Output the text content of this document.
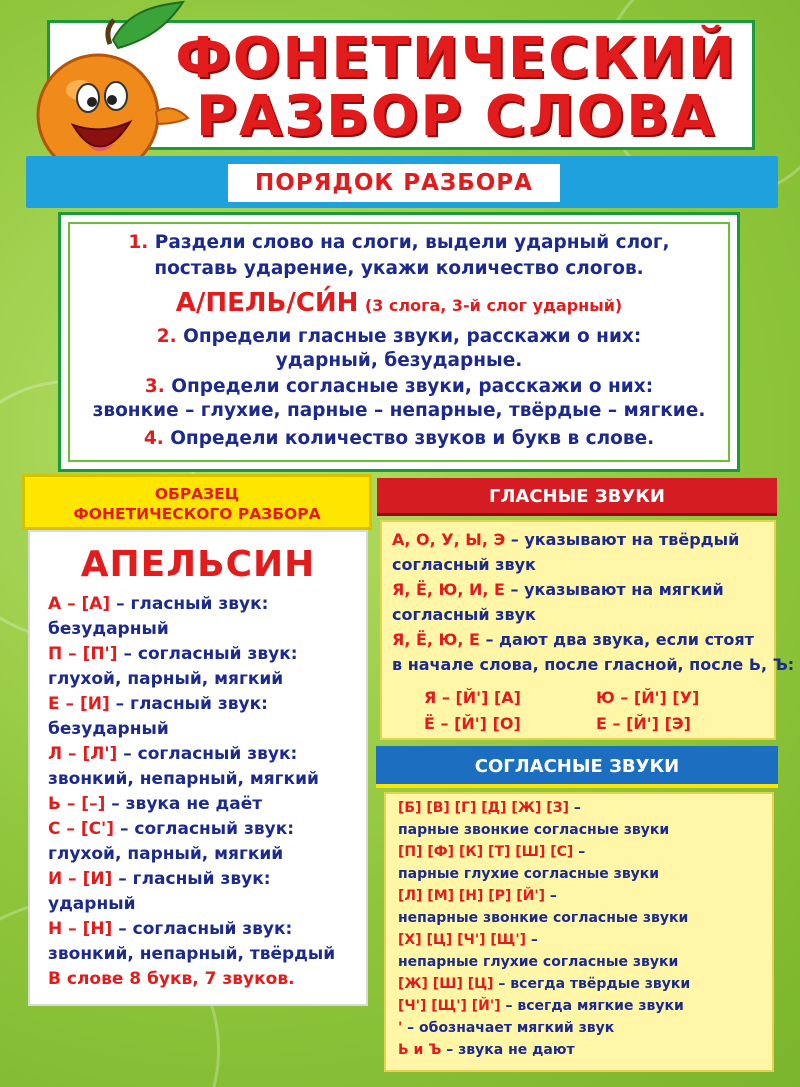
ФОНЕТИЧЕСКИЙ
РАЗБОР СЛОВА
ПОРЯДОК РАЗБОРА
1. Раздели слово на слоги, выдели ударный слог,
поставь ударение, укажи количество слогов.
А/ПЕЛЬ/СИ́Н (3 слога, 3-й слог ударный)
2. Определи гласные звуки, расскажи о них:
ударный, безударные.
3. Определи согласные звуки, расскажи о них:
звонкие – глухие, парные – непарные, твёрдые – мягкие.
4. Определи количество звуков и букв в слове.
ОБРАЗЕЦ
ФОНЕТИЧЕСКОГО РАЗБОРА
АПЕЛЬСИН
А – [А] – гласный звук:
безударный
П – [П'] – согласный звук:
глухой, парный, мягкий
Е – [И] – гласный звук:
безударный
Л – [Л'] – согласный звук:
звонкий, непарный, мягкий
Ь – [–] – звука не даёт
С – [С'] – согласный звук:
глухой, парный, мягкий
И – [И] – гласный звук:
ударный
Н – [Н] – согласный звук:
звонкий, непарный, твёрдый
В слове 8 букв, 7 звуков.
ГЛАСНЫЕ ЗВУКИ
А, О, У, Ы, Э – указывают на твёрдый
согласный звук
Я, Ё, Ю, И, Е – указывают на мягкий
согласный звук
Я, Ё, Ю, Е – дают два звука, если стоят
в начале слова, после гласной, после Ь, Ъ:
Я – [Й'] [А]	Ю – [Й'] [У]
Ё – [Й'] [О]	Е – [Й'] [Э]
СОГЛАСНЫЕ ЗВУКИ
[Б] [В] [Г] [Д] [Ж] [З] –
парные звонкие согласные звуки
[П] [Ф] [К] [Т] [Ш] [С] –
парные глухие согласные звуки
[Л] [М] [Н] [Р] [Й'] –
непарные звонкие согласные звуки
[Х] [Ц] [Ч'] [Щ'] –
непарные глухие согласные звуки
[Ж] [Ш] [Ц] – всегда твёрдые звуки
[Ч'] [Щ'] [Й'] – всегда мягкие звуки
' – обозначает мягкий звук
Ь и Ъ – звука не дают
